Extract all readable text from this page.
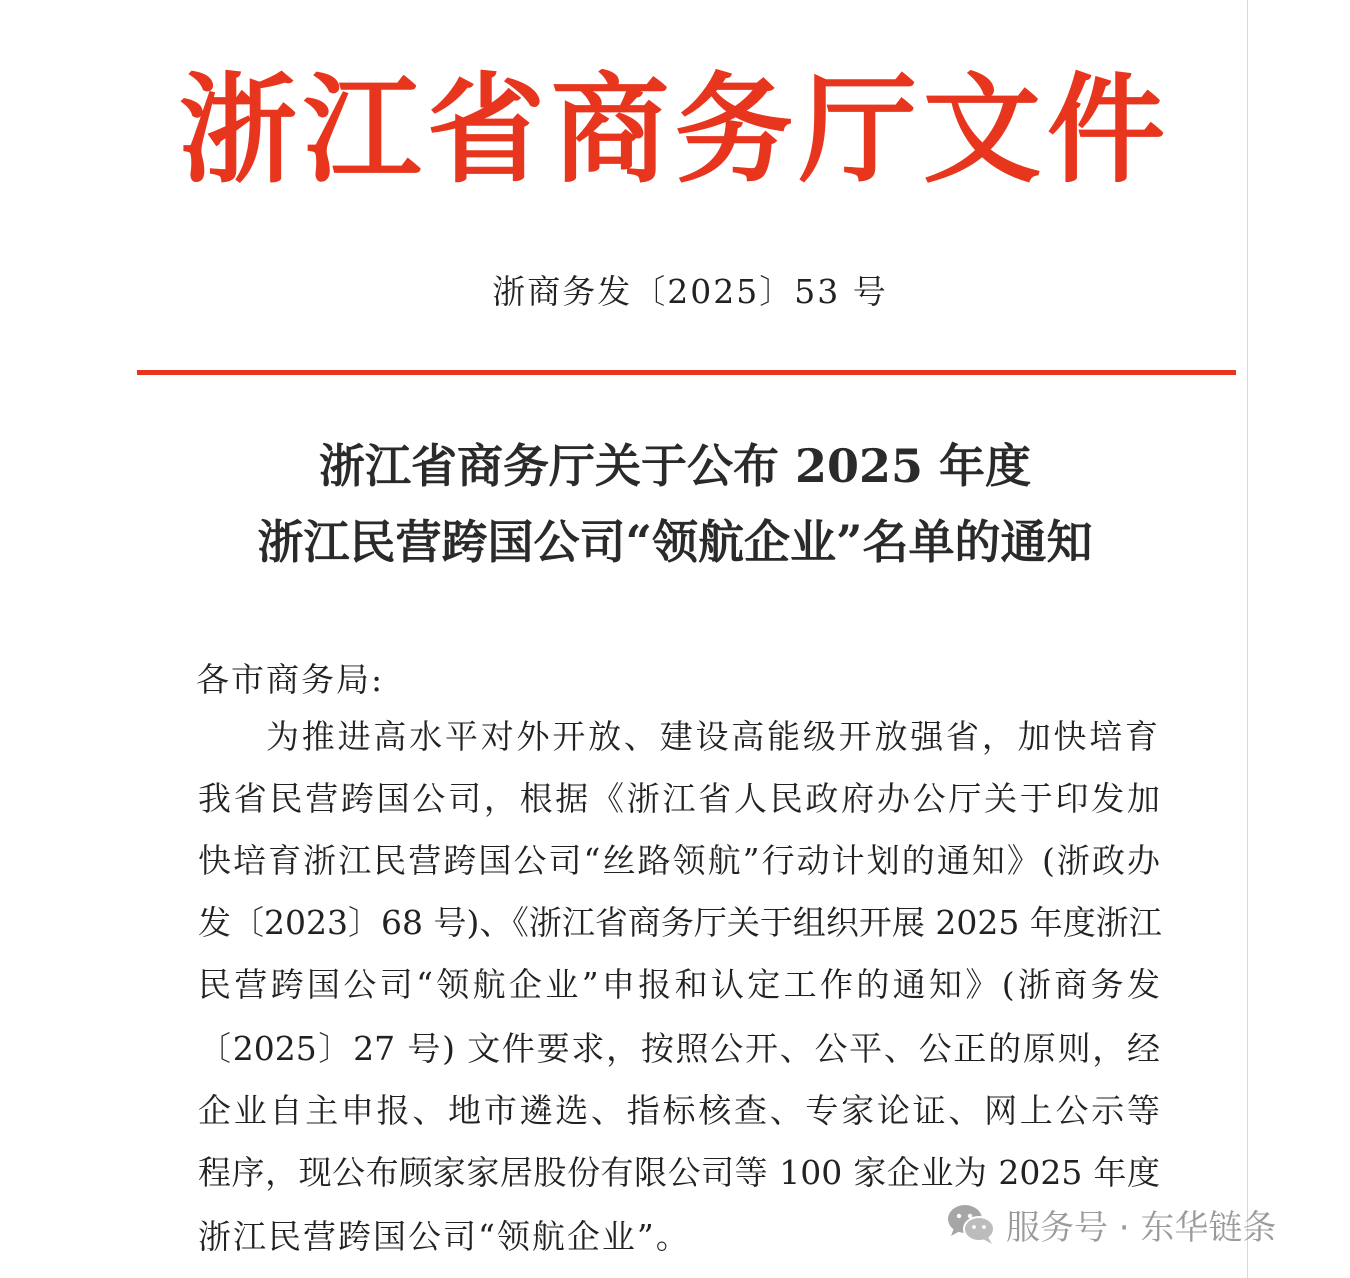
浙江省商务厅文件
浙商务发〔2025〕53 号
浙江省商务厅关于公布 2025 年度
浙江民营跨国公司“领航企业”名单的通知
各市商务局:
为推进高水平对外开放、建设高能级开放强省，加快培育
我省民营跨国公司，根据《浙江省人民政府办公厅关于印发加
快培育浙江民营跨国公司“丝路领航”行动计划的通知》(浙政办
发〔2023〕68 号)、《浙江省商务厅关于组织开展 2025 年度浙江
民营跨国公司“领航企业”申报和认定工作的通知》(浙商务发
〔2025〕27 号) 文件要求，按照公开、公平、公正的原则，经
企业自主申报、地市遴选、指标核查、专家论证、网上公示等
程序，现公布顾家家居股份有限公司等 100 家企业为 2025 年度
浙江民营跨国公司“领航企业”。	服务号 · 东华链条
